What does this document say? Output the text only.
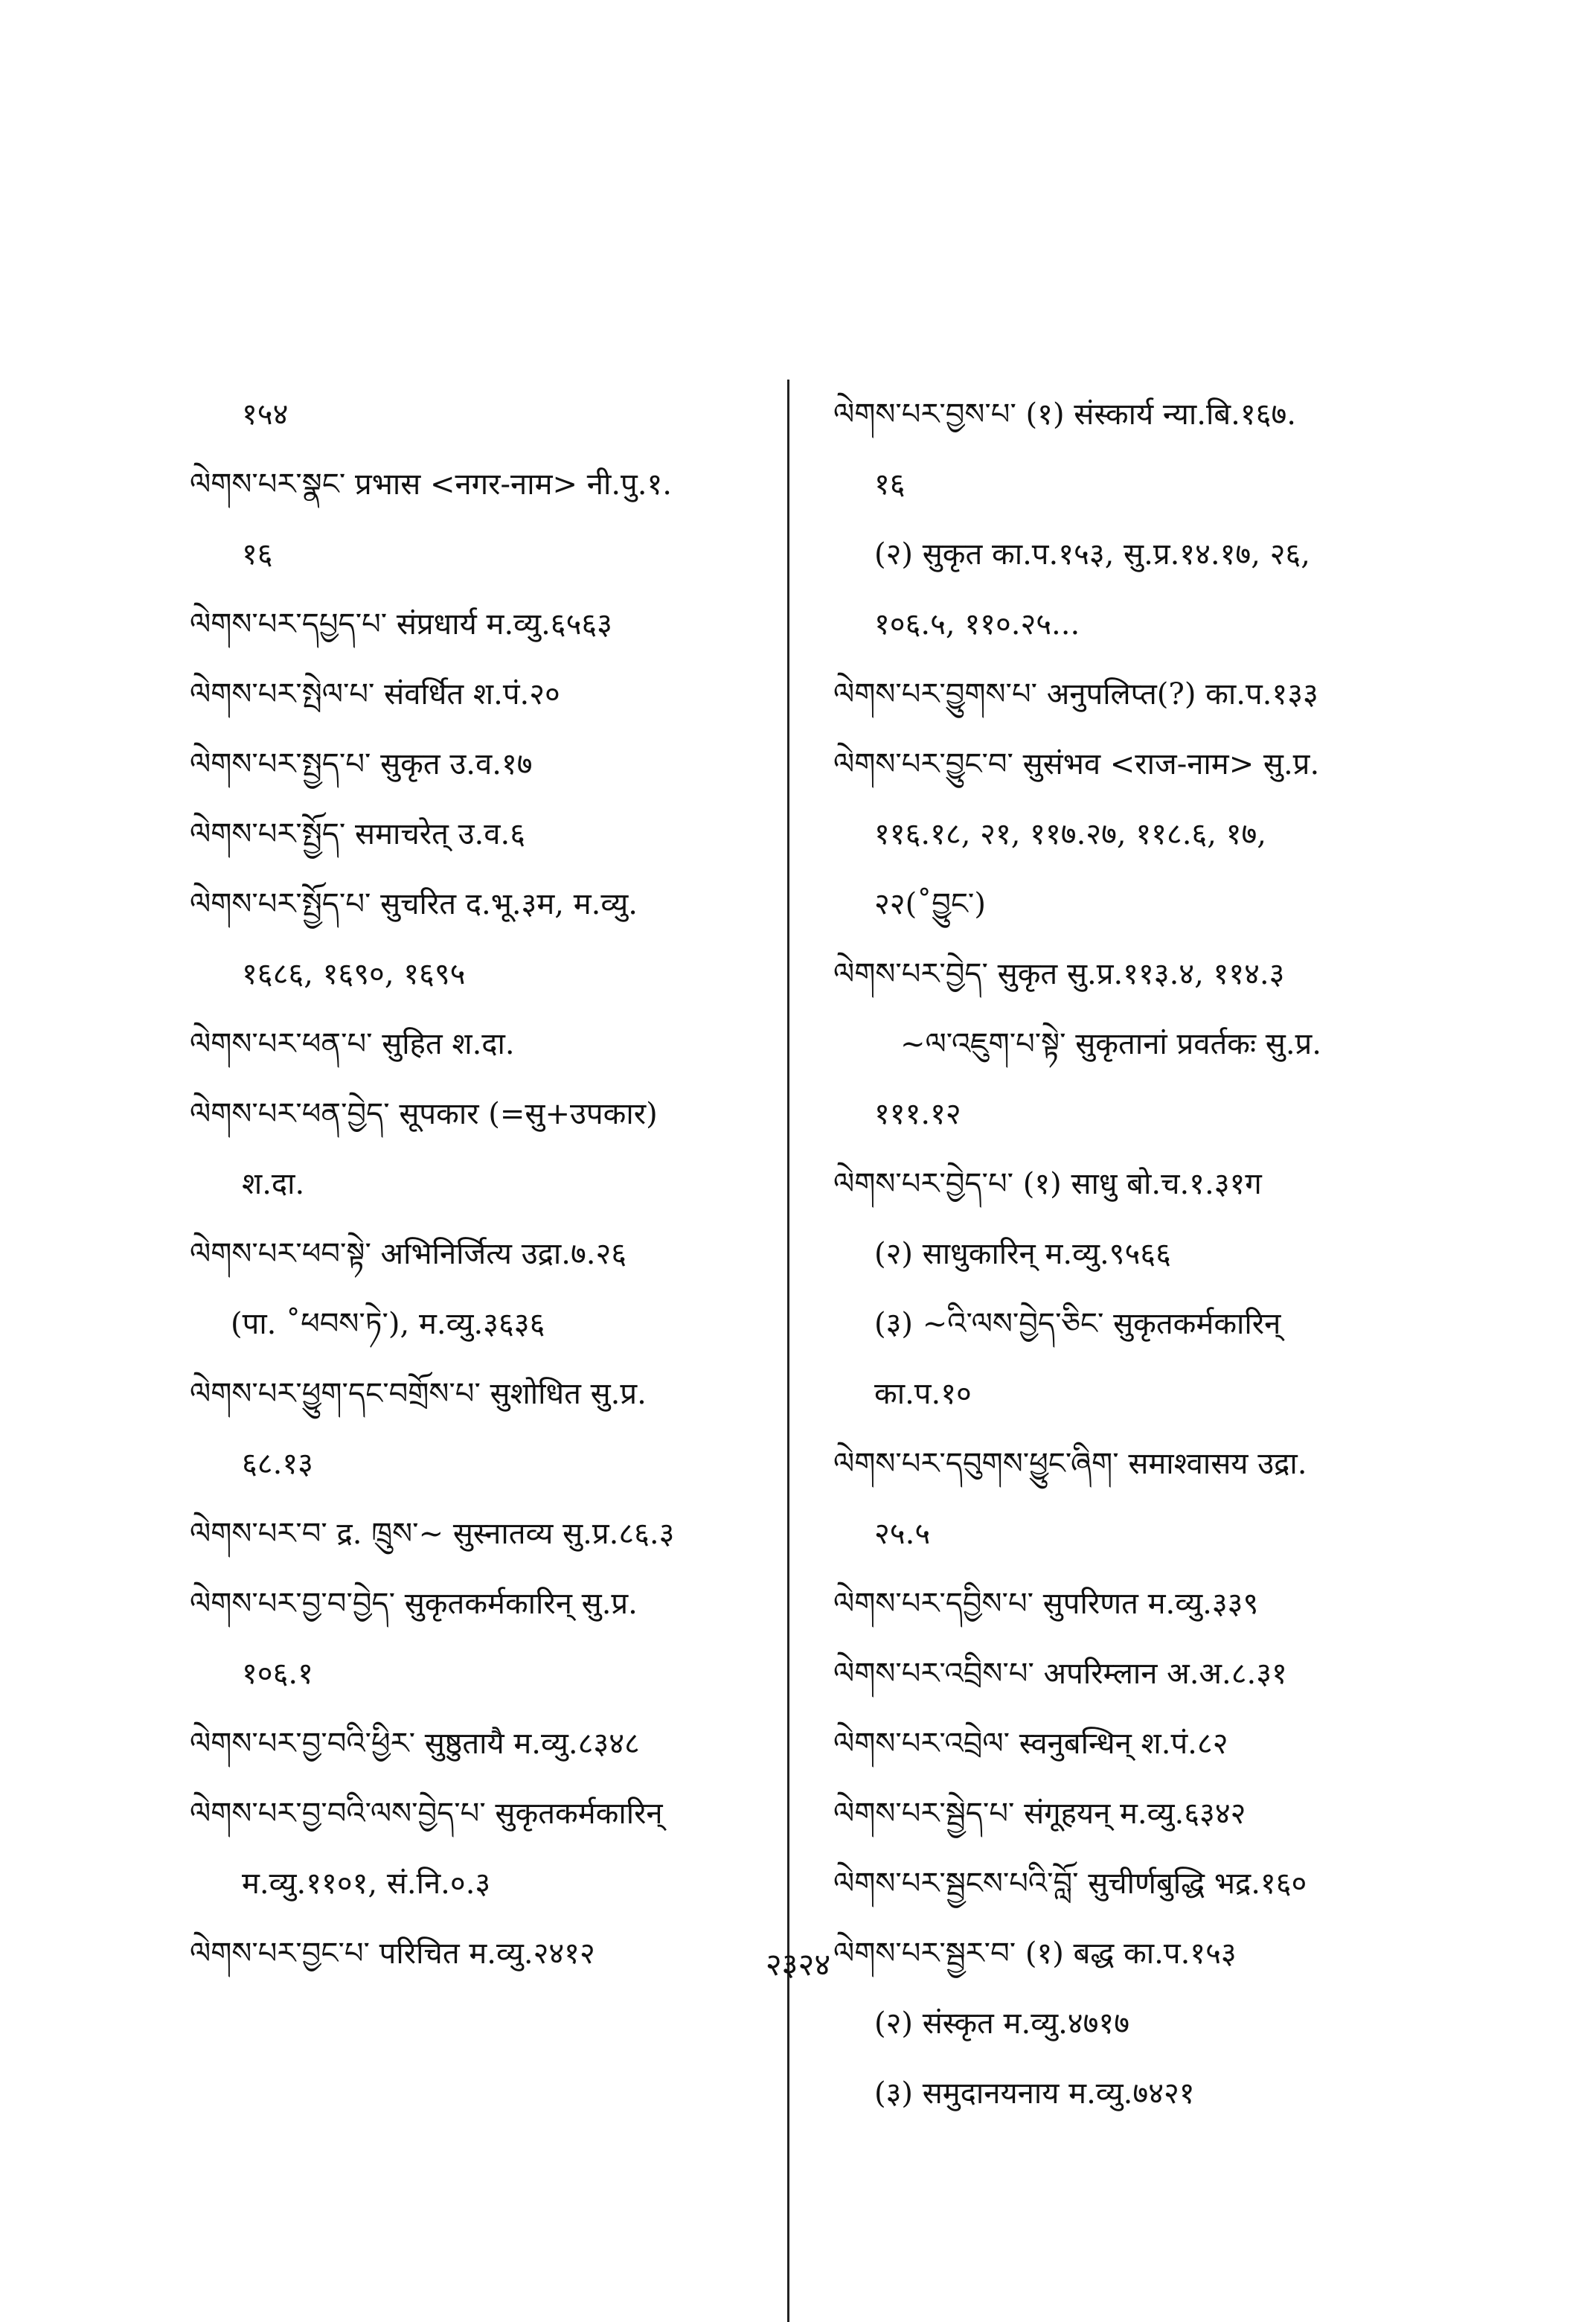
१५४
ལེགས་པར་སྣང་ प्रभास <नगर-नाम> नी.पु.१.
१६
ལེགས་པར་དཔྱད་པ་ संप्रधार्य म.व्यु.६५६३
ལེགས་པར་སྤེལ་པ་ संवर्धित श.पं.२०
ལེགས་པར་སྤྱད་པ་ सुकृत उ.व.१७
ལེགས་པར་སྤྱོད་ समाचरेत् उ.व.६
ལེགས་པར་སྤྱོད་པ་ सुचरित द.भू.३म, म.व्यु.
१६८६, १६९०, १६९५
ལེགས་པར་ཕན་པ་ सुहित श.दा.
ལེགས་པར་ཕན་བྱེད་ सूपकार (=सु+उपकार)
श.दा.
ལེགས་པར་ཕབ་སྟེ་ अभिनिर्जित्य उद्रा.७.२६
(पा. ˚ཕབས་ཏེ་), म.व्यु.३६३६
ལེགས་པར་ཕྱུག་དང་བགྲོས་པ་ सुशोधित सु.प्र.
६८.१३
ལེགས་པར་བ་ द्र. ཁྲུས་~ सुस्नातव्य सु.प्र.८६.३
ལེགས་པར་བྱ་བ་བྱེད་ सुकृतकर्मकारिन् सु.प्र.
१०६.१
ལེགས་པར་བྱ་བའི་ཕྱིར་ सुष्ठुतायै म.व्यु.८३४८
ལེགས་པར་བྱ་བའི་ལས་བྱེད་པ་ सुकृतकर्मकारिन्
म.व्यु.११०१, सं.नि.०.३
ལེགས་པར་བྱང་པ་ परिचित म.व्यु.२४१२
ལེགས་པར་བྱས་པ་ (१) संस्कार्य न्या.बि.१६७.
१६
(२) सुकृत का.प.१५३, सु.प्र.१४.१७, २६,
१०६.५, ११०.२५...
ལེགས་པར་བྱུགས་པ་ अनुपलिप्त(?) का.प.१३३
ལེགས་པར་བྱུང་བ་ सुसंभव <राज-नाम> सु.प्र.
११६.१८, २१, ११७.२७, ११८.६, १७,
२२(˚བྱུང་)
ལེགས་པར་བྱེད་ सुकृत सु.प्र.११३.४, ११४.३
~ལ་འཇུག་པ་སྟེ་ सुकृतानां प्रवर्तकः सु.प्र.
१११.१२
ལེགས་པར་བྱེད་པ་ (१) साधु बो.च.१.३१ग
(२) साधुकारिन् म.व्यु.९५६६
(३) ~འི་ལས་བྱེད་ཅིང་ सुकृतकर्मकारिन्
का.प.१०
ལེགས་པར་དབུགས་ཕྱུང་ཞིག་ समाश्वासय उद्रा.
२५.५
ལེགས་པར་དབྱིས་པ་ सुपरिणत म.व्यु.३३९
ལེགས་པར་འབྲིས་པ་ अपरिम्लान अ.अ.८.३१
ལེགས་པར་འབྲེལ་ स्वनुबन्धिन् श.पं.८२
ལེགས་པར་སྦྱེད་པ་ संगूहयन् म.व्यु.६३४२
ལེགས་པར་སྦྱངས་པའི་བློ་ सुचीर्णबुद्धि भद्र.१६०
ལེགས་པར་སྦྱར་བ་ (१) बद्ध का.प.१५३
(२) संस्कृत म.व्यु.४७१७
(३) समुदानयनाय म.व्यु.७४२१
२३२४
